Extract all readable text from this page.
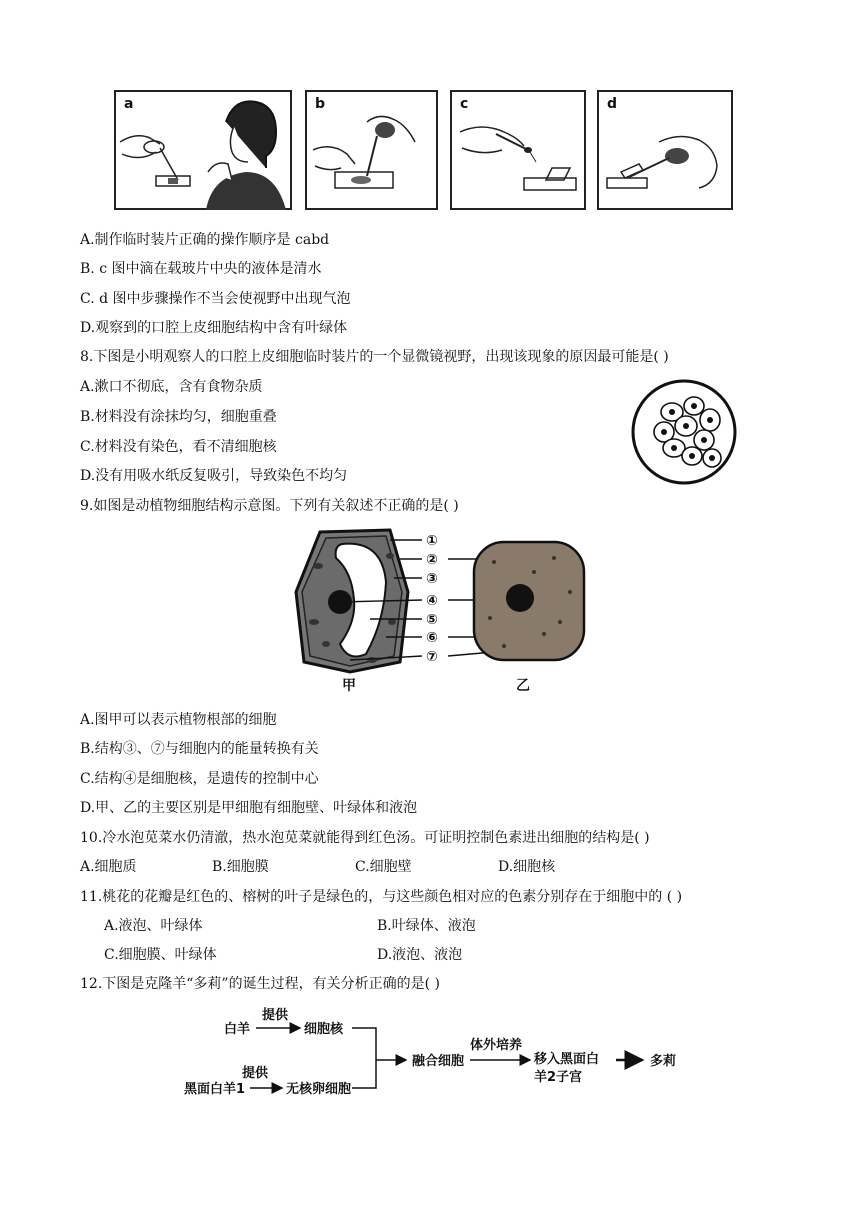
a	b	c	d
A.制作临时装片正确的操作顺序是 cabd
B. c 图中滴在载玻片中央的液体是清水
C. d 图中步骤操作不当会使视野中出现气泡
D.观察到的口腔上皮细胞结构中含有叶绿体
8.下图是小明观察人的口腔上皮细胞临时装片的一个显微镜视野，出现该现象的原因最可能是( )
A.漱口不彻底，含有食物杂质
B.材料没有涂抹均匀，细胞重叠
C.材料没有染色，看不清细胞核
D.没有用吸水纸反复吸引，导致染色不均匀
9.如图是动植物细胞结构示意图。下列有关叙述不正确的是( )
①
②
③
④
⑤
⑥
⑦
甲	乙
A.图甲可以表示植物根部的细胞
B.结构③、⑦与细胞内的能量转换有关
C.结构④是细胞核，是遗传的控制中心
D.甲、乙的主要区别是甲细胞有细胞壁、叶绿体和液泡
10.冷水泡苋菜水仍清澈，热水泡苋菜就能得到红色汤。可证明控制色素进出细胞的结构是( )
A.细胞质	B.细胞膜	C.细胞壁	D.细胞核
11.桃花的花瓣是红色的、榕树的叶子是绿色的，与这些颜色相对应的色素分别存在于细胞中的 ( )
A.液泡、叶绿体	B.叶绿体、液泡
C.细胞膜、叶绿体	D.液泡、液泡
12.下图是克隆羊“多莉”的诞生过程，有关分析正确的是( )
白羊
提供
细胞核
黑面白羊1
提供
无核卵细胞
融合细胞
体外培养
移入黑面白
羊2子宫
多莉
